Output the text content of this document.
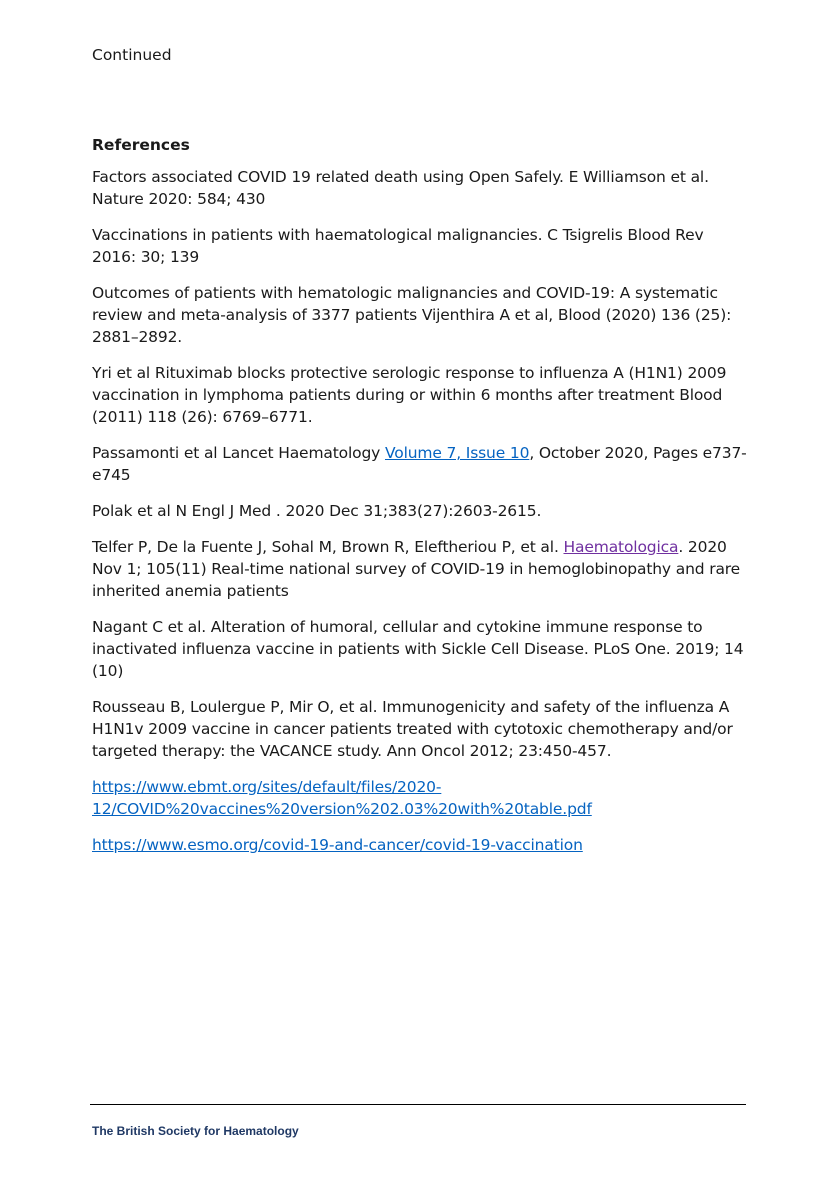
Continued

References
Factors associated COVID 19 related death using Open Safely. E Williamson et al. Nature 2020: 584; 430
Vaccinations in patients with haematological malignancies. C Tsigrelis Blood Rev 2016: 30; 139
Outcomes of patients with hematologic malignancies and COVID-19: A systematic review and meta-analysis of 3377 patients Vijenthira A et al, Blood (2020) 136 (25): 2881–2892.
Yri et al Rituximab blocks protective serologic response to influenza A (H1N1) 2009 vaccination in lymphoma patients during or within 6 months after treatment Blood (2011) 118 (26): 6769–6771.
Passamonti et al Lancet Haematology Volume 7, Issue 10, October 2020, Pages e737-e745
Polak et al N Engl J Med . 2020 Dec 31;383(27):2603-2615.
Telfer P, De la Fuente J, Sohal M, Brown R, Eleftheriou P, et al. Haematologica. 2020 Nov 1; 105(11) Real-time national survey of COVID-19 in hemoglobinopathy and rare inherited anemia patients
Nagant C et al. Alteration of humoral, cellular and cytokine immune response to inactivated influenza vaccine in patients with Sickle Cell Disease. PLoS One. 2019; 14 (10)
Rousseau B, Loulergue P, Mir O, et al. Immunogenicity and safety of the influenza A H1N1v 2009 vaccine in cancer patients treated with cytotoxic chemotherapy and/or targeted therapy: the VACANCE study. Ann Oncol 2012; 23:450-457.
https://www.ebmt.org/sites/default/files/2020-
12/COVID%20vaccines%20version%202.03%20with%20table.pdf
https://www.esmo.org/covid-19-and-cancer/covid-19-vaccination
The British Society for Haematology
